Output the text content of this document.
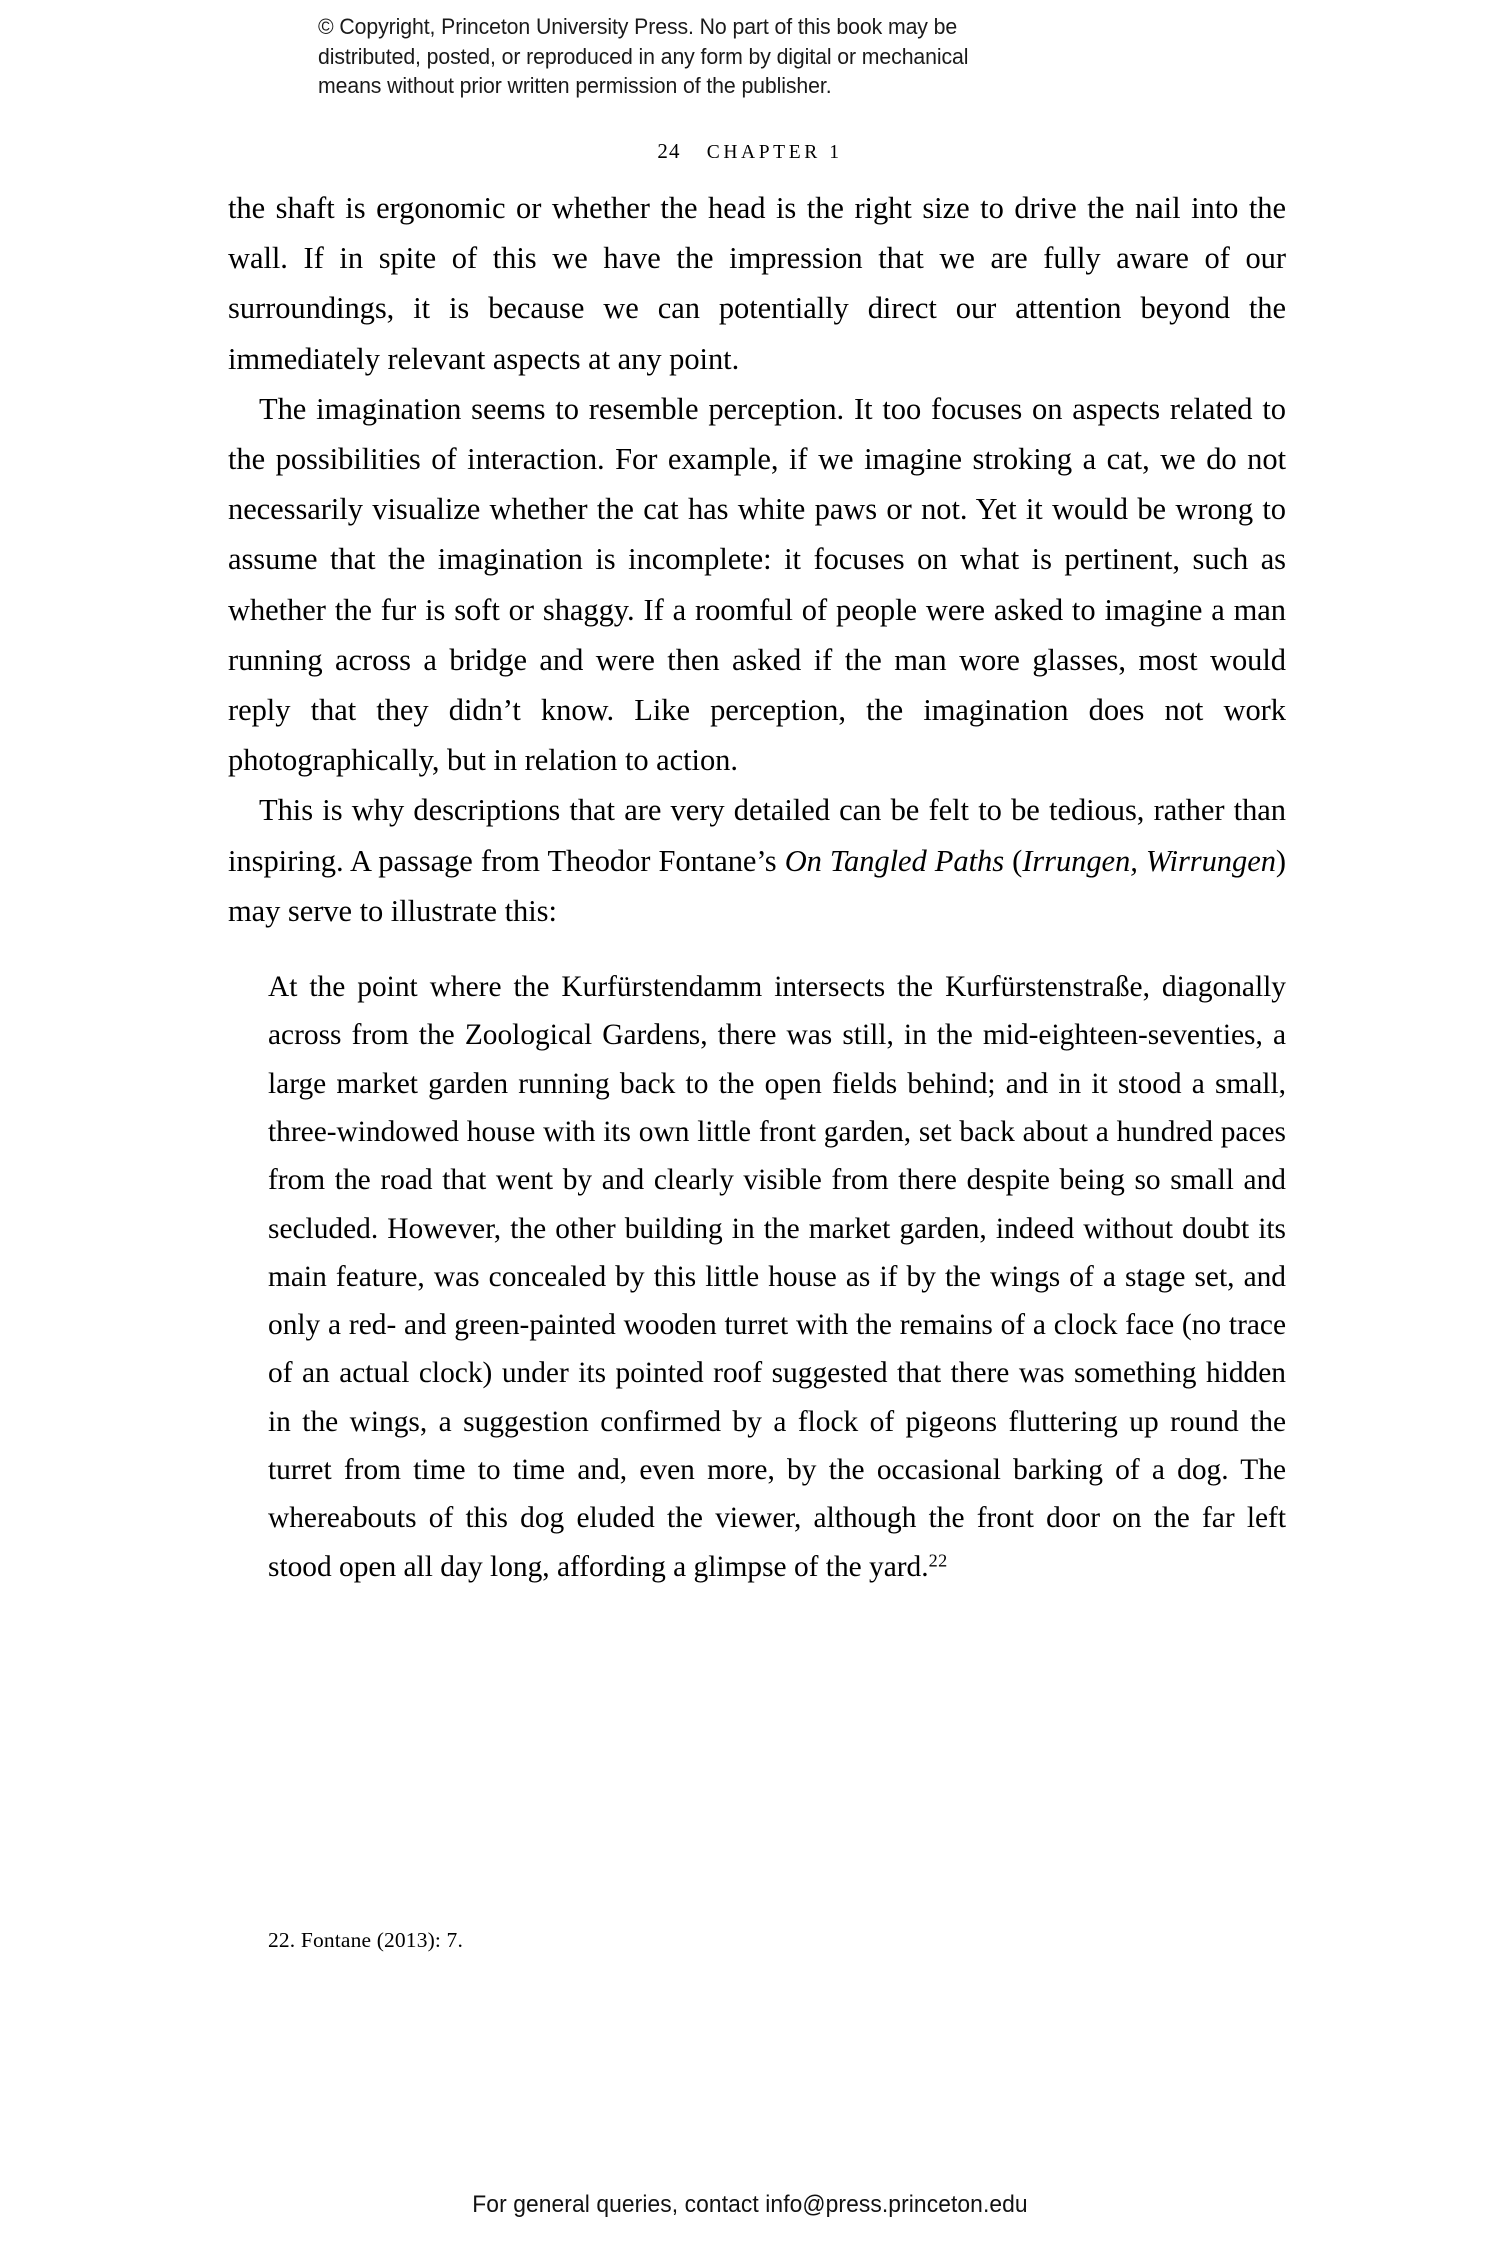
© Copyright, Princeton University Press. No part of this book may be
distributed, posted, or reproduced in any form by digital or mechanical
means without prior written permission of the publisher.
24 CHAPTER 1

the shaft is ergonomic or whether the head is the right size to drive the nail into the wall. If in spite of this we have the impression that we are fully aware of our surroundings, it is because we can potentially direct our attention beyond the immediately relevant aspects at any point.

The imagination seems to resemble perception. It too focuses on aspects related to the possibilities of interaction. For example, if we imagine stroking a cat, we do not necessarily visualize whether the cat has white paws or not. Yet it would be wrong to assume that the imagination is incomplete: it focuses on what is pertinent, such as whether the fur is soft or shaggy. If a roomful of people were asked to imagine a man running across a bridge and were then asked if the man wore glasses, most would reply that they didn’t know. Like perception, the imagination does not work photographically, but in relation to action.

This is why descriptions that are very detailed can be felt to be tedious, rather than inspiring. A passage from Theodor Fontane’s On Tangled Paths (Irrungen, Wirrungen) may serve to illustrate this:

At the point where the Kurfürstendamm intersects the Kurfürstenstraße, diagonally across from the Zoological Gardens, there was still, in the mid-eighteen-seventies, a large market garden running back to the open fields behind; and in it stood a small, three-windowed house with its own little front garden, set back about a hundred paces from the road that went by and clearly visible from there despite being so small and secluded. However, the other building in the market garden, indeed without doubt its main feature, was concealed by this little house as if by the wings of a stage set, and only a red- and green-painted wooden turret with the remains of a clock face (no trace of an actual clock) under its pointed roof suggested that there was something hidden in the wings, a suggestion confirmed by a flock of pigeons fluttering up round the turret from time to time and, even more, by the occasional barking of a dog. The whereabouts of this dog eluded the viewer, although the front door on the far left stood open all day long, affording a glimpse of the yard.$^{22}$

22. Fontane (2013): 7.
For general queries, contact info@press.princeton.edu
